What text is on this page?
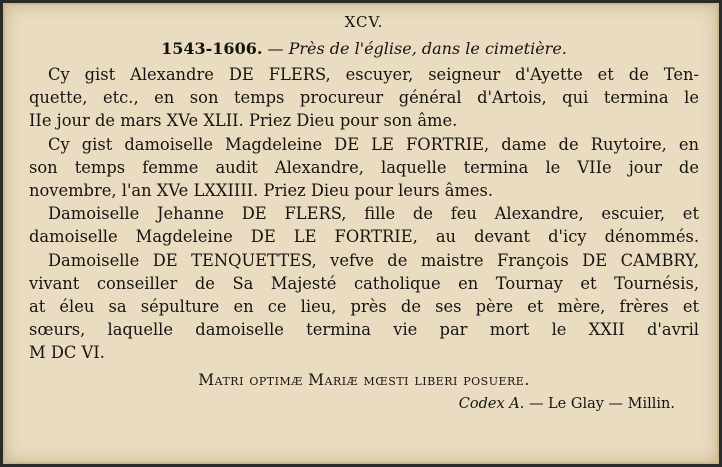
XCV.
1543-1606. — Près de l'église, dans le cimetière.
Cy gist Alexandre DE FLERS, escuyer, seigneur d'Ayette et de Ten-
quette, etc., en son temps procureur général d'Artois, qui termina le
IIe jour de mars XVe XLII. Priez Dieu pour son âme.
Cy gist damoiselle Magdeleine DE LE FORTRIE, dame de Ruytoire, en
son temps femme audit Alexandre, laquelle termina le VIIe jour de
novembre, l'an XVe LXXIIII. Priez Dieu pour leurs âmes.
Damoiselle Jehanne DE FLERS, fille de feu Alexandre, escuier, et
damoiselle Magdeleine DE LE FORTRIE, au devant d'icy dénommés.
Damoiselle DE TENQUETTES, vefve de maistre François DE CAMBRY,
vivant conseiller de Sa Majesté catholique en Tournay et Tournésis,
at éleu sa sépulture en ce lieu, près de ses père et mère, frères et
sœurs, laquelle damoiselle termina vie par mort le XXII d'avril
M DC VI.
Matri optimæ Mariæ mœsti liberi posuere.
Codex A. — Le Glay — Millin.
